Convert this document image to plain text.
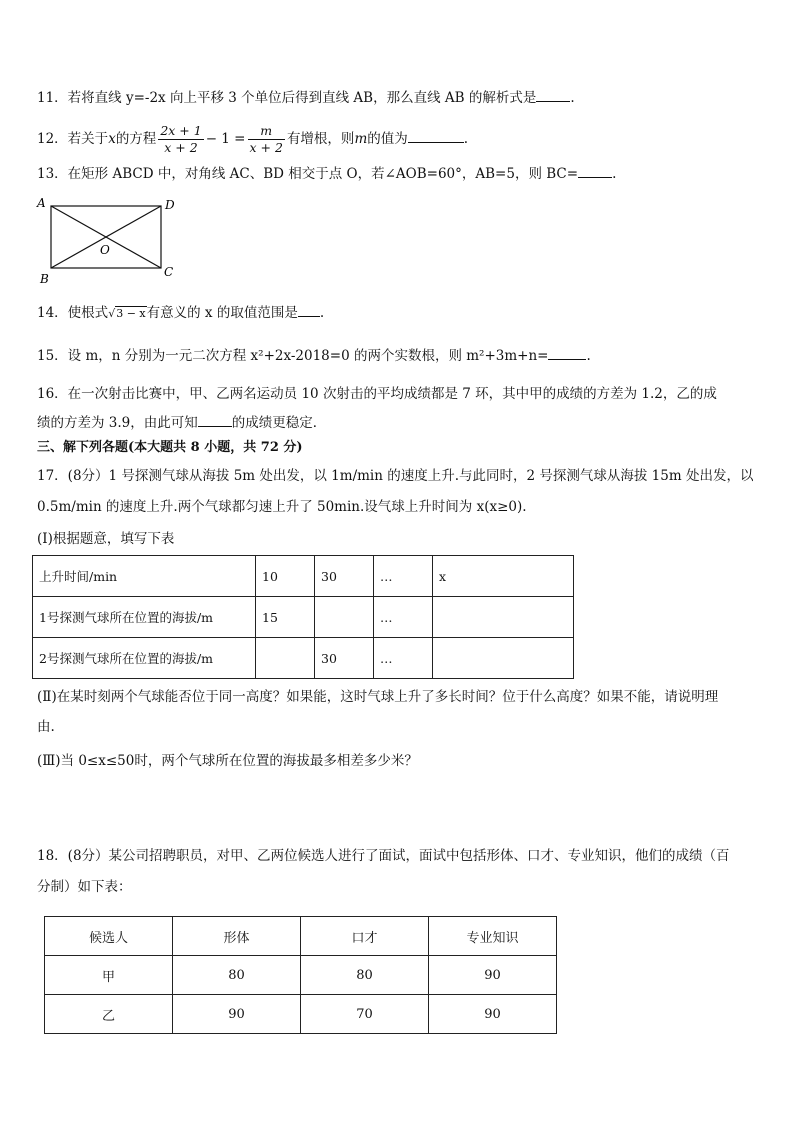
11．若将直线 y=-2x 向上平移 3 个单位后得到直线 AB，那么直线 AB 的解析式是	.
12．若关于x的方程 $\frac{2x + 1}{x + 2} - 1 = \frac{m}{x + 2}$ 有增根，则m的值为	.
13．在矩形 ABCD 中，对角线 AC、BD 相交于点 O，若∠AOB=60°，AB=5，则 BC=	.
A	D
B	C
O
14．使根式√3 − x有意义的 x 的取值范围是 .
15．设 m，n 分别为一元二次方程 x²+2x-2018=0 的两个实数根，则 m²+3m+n=	.
16．在一次射击比赛中，甲、乙两名运动员 10 次射击的平均成绩都是 7 环，其中甲的成绩的方差为 1.2，乙的成
绩的方差为 3.9，由此可知	的成绩更稳定．
三、解下列各题(本大题共 8 小题，共 72 分)
17．(8分）1 号探测气球从海拔 5m 处出发，以 1m/min 的速度上升.与此同时，2 号探测气球从海拔 15m 处出发，以
0.5m/min 的速度上升.两个气球都匀速上升了 50min.设气球上升时间为 x(x≥0).
(Ⅰ)根据题意，填写下表
上升时间/min	10	30	…	x
1号探测气球所在位置的海拔/m	15		…	
2号探测气球所在位置的海拔/m		30	…	
(Ⅱ)在某时刻两个气球能否位于同一高度？如果能，这时气球上升了多长时间？位于什么高度？如果不能，请说明理
由.
(Ⅲ)当 0≤x≤50时，两个气球所在位置的海拔最多相差多少米？
18．(8分）某公司招聘职员，对甲、乙两位候选人进行了面试，面试中包括形体、口才、专业知识，他们的成绩（百
分制）如下表：
候选人	形体	口才	专业知识
甲	80	80	90
乙	90	70	90
